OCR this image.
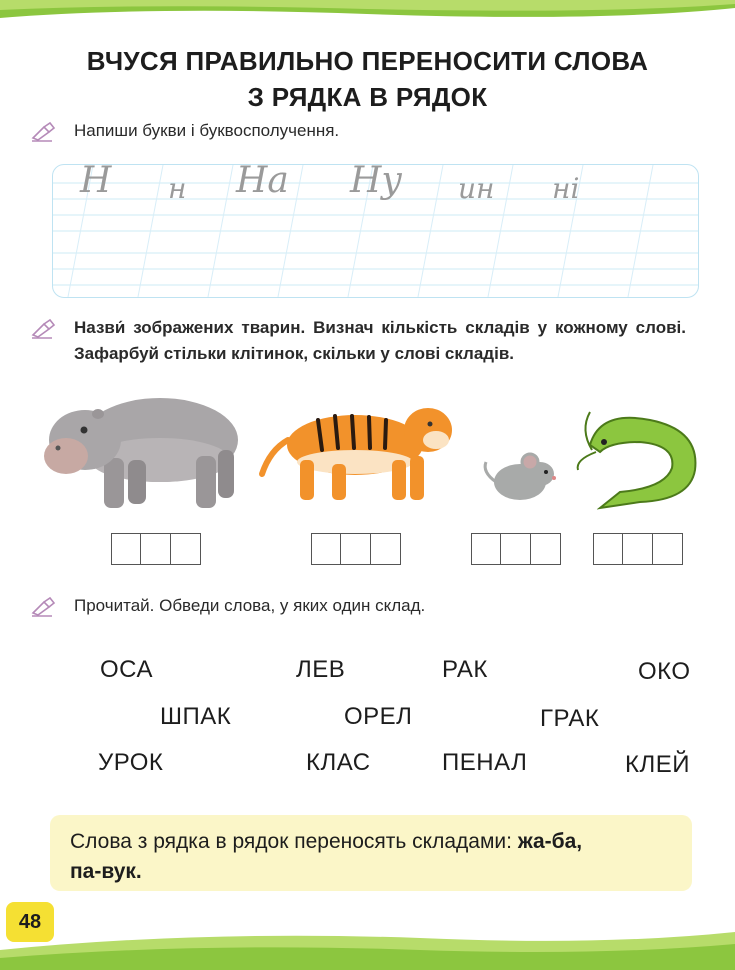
ВЧУСЯ ПРАВИЛЬНО ПЕРЕНОСИТИ СЛОВА
З РЯДКА В РЯДОК
Напиши букви і буквосполучення.
Н н На Ну ин ні
Назви́ зображених тварин. Визнач кількість складів у кожному слові. Зафарбуй стільки клітинок, скільки у слові складів.
Прочитай. Обведи слова, у яких один склад.
ОСА	ЛЕВ	РАК	ОКО
ШПАК	ОРЕЛ	ГРАК
УРОК	КЛАС	ПЕНАЛ	КЛЕЙ

Слова з рядка в рядок переносять складами: жа-ба,
па-вук.

48
